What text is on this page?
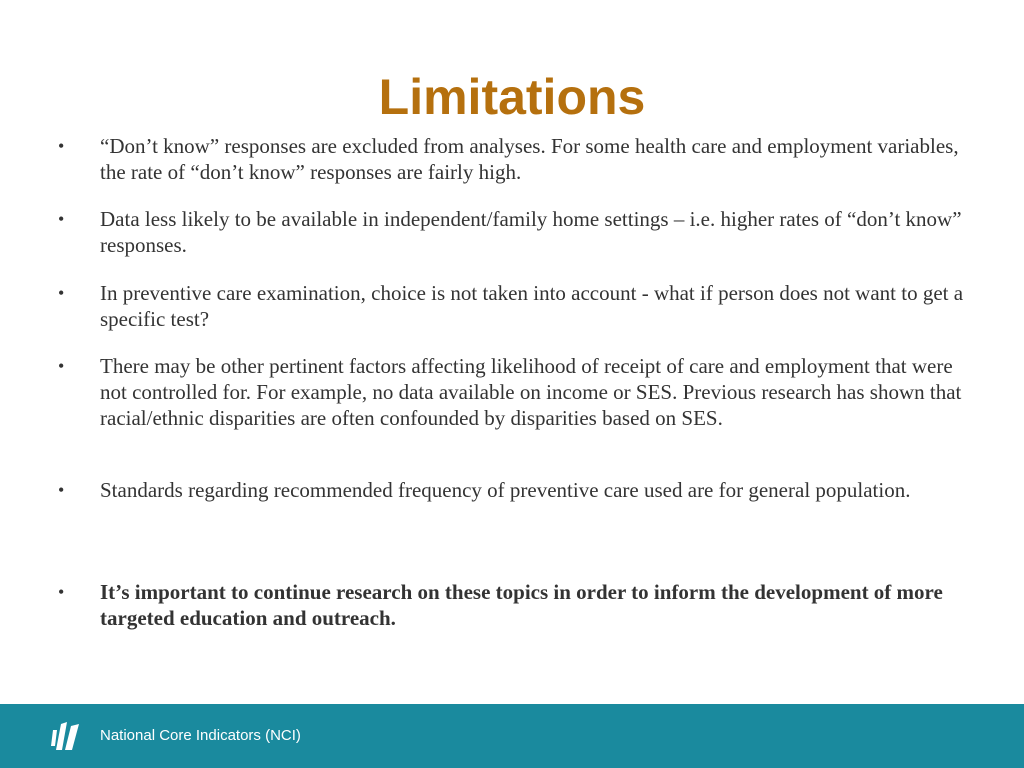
Limitations
•	“Don’t know” responses are excluded from analyses. For some health care and employment variables, the rate of “don’t know” responses are fairly high.
•	Data less likely to be available in independent/family home settings – i.e. higher rates of “don’t know” responses.
•	In preventive care examination, choice is not taken into account - what if person does not want to get a specific test?
•	There may be other pertinent factors affecting likelihood of receipt of care and employment that were not controlled for. For example, no data available on income or SES. Previous research has shown that racial/ethnic disparities are often confounded by disparities based on SES.
•	Standards regarding recommended frequency of preventive care used are for general population.
•	It’s important to continue research on these topics in order to inform the development of more targeted education and outreach.
National Core Indicators (NCI)
